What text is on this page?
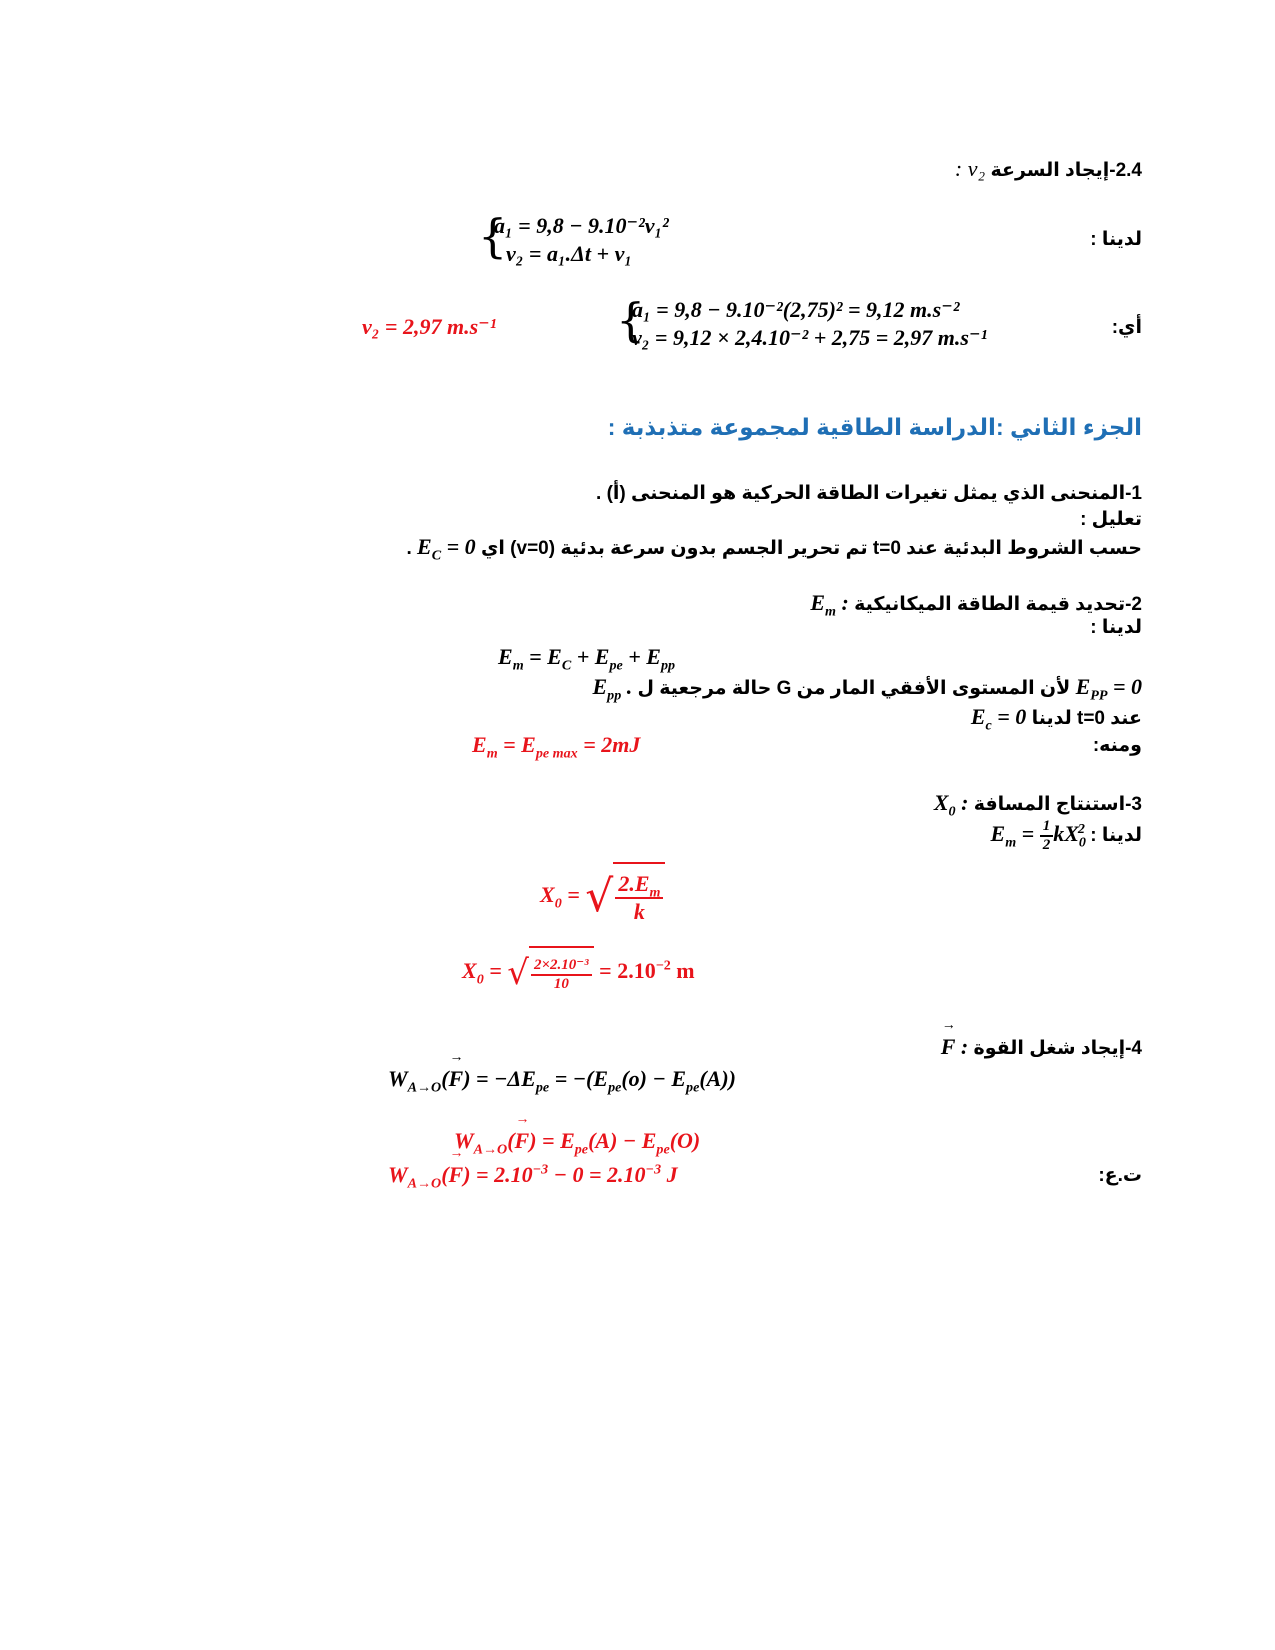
2.4-إيجاد السرعة v₂ :
لدينا :
{
a₁ = 9,8 − 9.10⁻²v₁²
v₂ = a₁.Δt + v₁
أي:
{
a₁ = 9,8 − 9.10⁻²(2,75)² = 9,12 m.s⁻²
v₂ = 9,12 × 2,4.10⁻² + 2,75 = 2,97 m.s⁻¹
v₂ = 2,97 m.s⁻¹
الجزء الثاني :الدراسة الطاقية لمجموعة متذبذبة :
1-المنحنى الذي يمثل تغيرات الطاقة الحركية هو المنحنى (أ) .
تعليل :
حسب الشروط البدئية عند t=0 تم تحرير الجسم بدون سرعة بدئية (v=0) اي $E_C = 0$ .
2-تحديد قيمة الطاقة الميكانيكية $E_m$ :
لدينا :
$E_m = E_C + E_{pe} + E_{pp}$
$E_{PP} = 0$ لأن المستوى الأفقي المار من G حالة مرجعية ل $E_{pp}$ .
عند t=0 لدينا $E_c = 0$
ومنه:
$E_m = E_{pe max} = 2mJ$
3-استنتاج المسافة $X_0$ :
لدينا : $E_m = \frac{1}{2} kX_0^2$
$X_0$ = √ $\frac{2.E_m}{k}$
$X_0$ = √ $\frac{\text{2×2.10⁻³}}{10} = 2.10^{-2}$ m
4-إيجاد شغل القوة → F :
$W_{A\to O}(\to F) = -\Delta E_{pe} = -(E_{pe}(o) - E_{pe}(A))$
$W_{A\to O}(\to F) = E_{pe}(A) - E_{pe}(O)$
$W_{A\to O}(\to F) = 2.10^{-3} - 0 = 2.10^{-3}$ J	ت.ع:
